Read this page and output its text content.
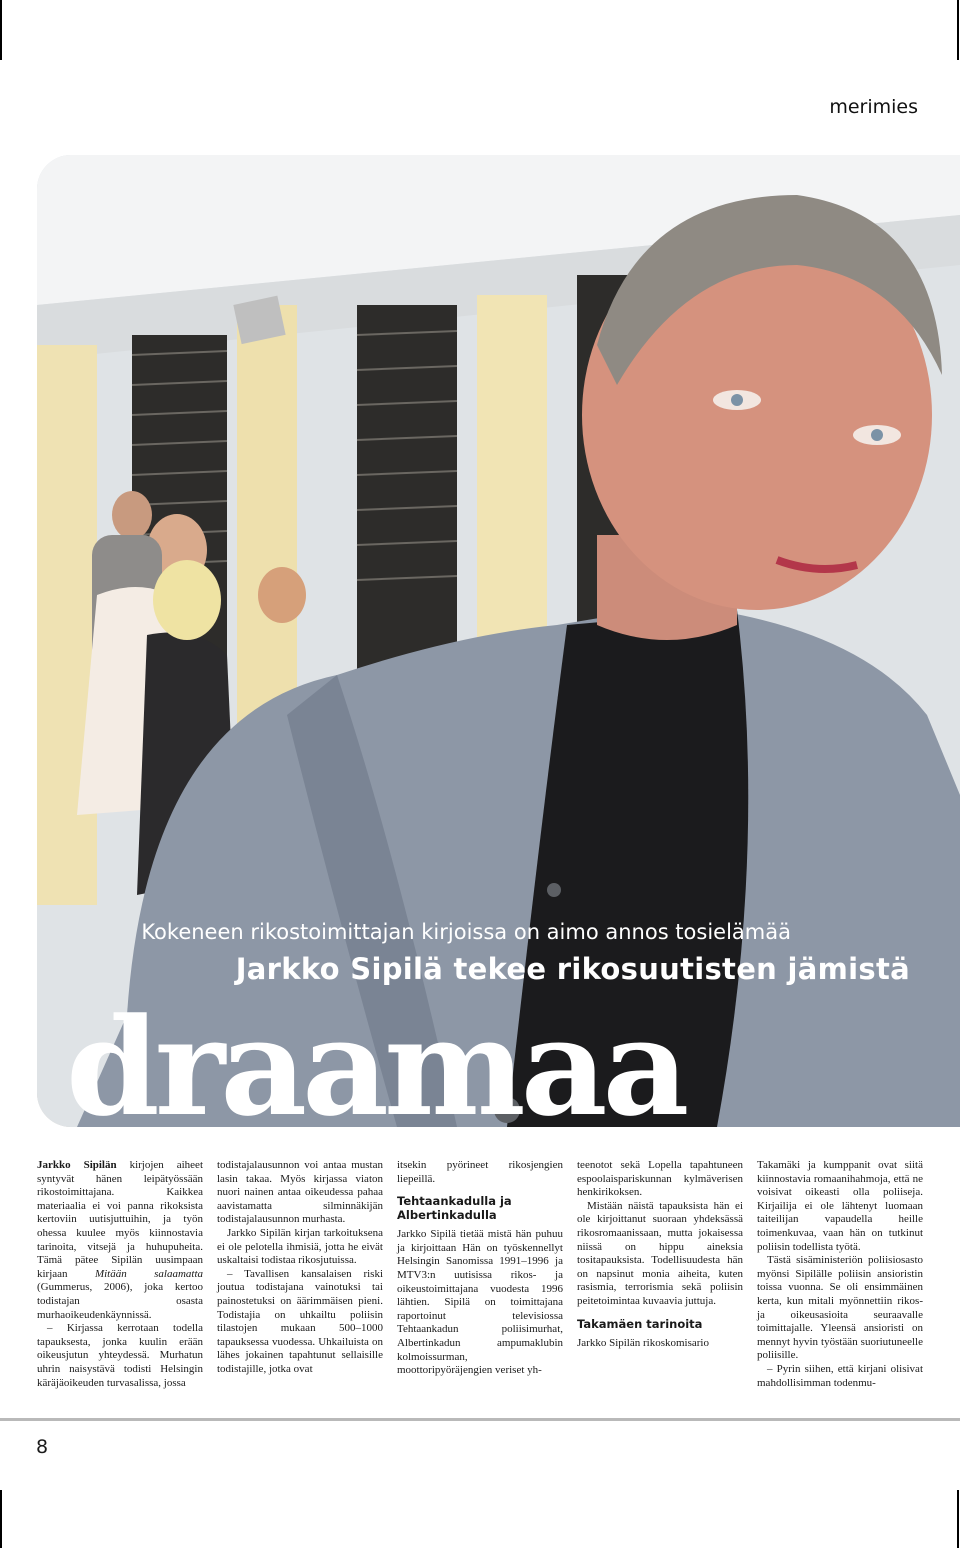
merimies
Kokeneen rikostoimittajan kirjoissa on aimo annos tosielämää
Jarkko Sipilä tekee rikosuutisten jämistä
draamaa

Jarkko Sipilän kirjojen aiheet syntyvät hänen leipätyössään rikostoimittajana. Kaikkea materiaalia ei voi panna rikoksista kertoviin uutisjuttuihin, ja työn ohessa kuulee myös kiinnostavia tarinoita, vitsejä ja huhupuheita. Tämä pätee Sipilän uusimpaan kirjaan Mitään salaamatta (Gummerus, 2006), joka kertoo todistajan osasta murhaoikeudenkäynnissä.

– Kirjassa kerrotaan todella tapauksesta, jonka kuulin erään oikeusjutun yhteydessä. Murhatun uhrin naisystävä todisti Helsingin käräjäoikeuden turvasalissa, jossa

todistajalausunnon voi antaa mustan lasin takaa. Myös kirjassa viaton nuori nainen antaa oikeudessa pahaa aavistamatta silminnäkijän todistajalausunnon murhasta.

Jarkko Sipilän kirjan tarkoituksena ei ole pelotella ihmisiä, jotta he eivät uskaltaisi todistaa rikosjutuissa.

– Tavallisen kansalaisen riski joutua todistajana vainotuksi tai painostetuksi on äärimmäisen pieni. Todistajia on uhkailtu poliisin tilastojen mukaan 500–1000 tapauksessa vuodessa. Uhkailuista on lähes jokainen tapahtunut sellaisille todistajille, jotka ovat

itsekin pyörineet rikosjengien liepeillä.

Tehtaankadulla ja Albertinkadulla

Jarkko Sipilä tietää mistä hän puhuu ja kirjoittaan Hän on työskennellyt Helsingin Sanomissa 1991–1996 ja MTV3:n uutisissa rikos- ja oikeustoimittajana vuodesta 1996 lähtien. Sipilä on toimittajana raportoinut televisiossa Tehtaankadun poliisimurhat, Albertinkadun ampumaklubin kolmoissurman, moottoripyöräjengien veriset yh-

teenotot sekä Lopella tapahtuneen espoolaispariskunnan kylmäverisen henkirikoksen.

Mistään näistä tapauksista hän ei ole kirjoittanut suoraan yhdeksässä rikosromaanissaan, mutta jokaisessa niissä on hippu aineksia tositapauksista. Todellisuudesta hän on napsinut monia aiheita, kuten rasismia, terrorismia sekä poliisin peitetoimintaa kuvaavia juttuja.

Takamäen tarinoita

Jarkko Sipilän rikoskomisario

Takamäki ja kumppanit ovat siitä kiinnostavia romaanihahmoja, että ne voisivat oikeasti olla poliiseja. Kirjailija ei ole lähtenyt luomaan taiteilijan vapaudella heille toimenkuvaa, vaan hän on tutkinut poliisin todellista työtä.

Tästä sisäministeriön poliisiosasto myönsi Sipilälle poliisin ansioristin toissa vuonna. Se oli ensimmäinen kerta, kun mitali myönnettiin rikos- ja oikeusasioita seuraavalle toimittajalle. Yleensä ansioristi on mennyt hyvin työstään suoriutuneelle poliisille.

– Pyrin siihen, että kirjani olisivat mahdollisimman todenmu-

8
